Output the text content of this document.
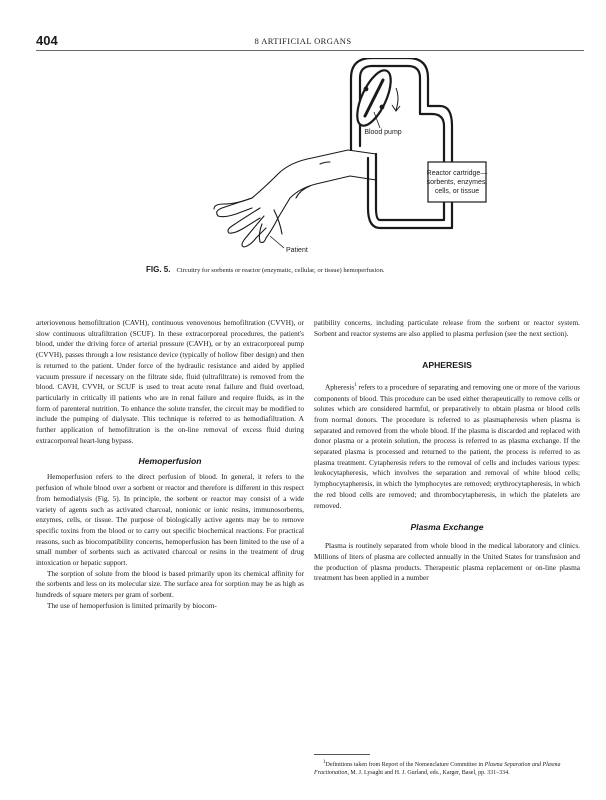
404	8 ARTIFICIAL ORGANS
Reactor cartridge—
sorbents, enzymes,
cells, or tissue
Blood pump
Patient
FIG. 5. Circuitry for sorbents or reactor (enzymatic, cellular, or tissue) hemoperfusion.

arteriovenous hemofiltration (CAVH), continuous venovenous hemofiltration (CVVH), or slow continuous ultrafiltration (SCUF). In these extracorporeal procedures, the patient's blood, under the driving force of arterial pressure (CAVH), or by an extracorporeal pump (CVVH), passes through a low resistance device (typically of hollow fiber design) and then is returned to the patient. Under force of the hydraulic resistance and aided by applied vacuum pressure if necessary on the filtrate side, fluid (ultrafiltrate) is removed from the blood. CAVH, CVVH, or SCUF is used to treat acute renal failure and fluid overload, particularly in critically ill patients who are in renal failure and require fluids, as in the form of parenteral nutrition. To enhance the solute transfer, the circuit may be modified to include the pumping of dialysate. This technique is referred to as hemodiafiltration. A further application of hemofiltration is the on-line removal of excess fluid during extracorporeal heart-lung bypass.

Hemoperfusion

Hemoperfusion refers to the direct perfusion of blood. In general, it refers to the perfusion of whole blood over a sorbent or reactor and therefore is different in this respect from hemodialysis (Fig. 5). In principle, the sorbent or reactor may consist of a wide variety of agents such as activated charcoal, nonionic or ionic resins, immunosorbents, enzymes, cells, or tissue. The purpose of biologically active agents may be to remove specific toxins from the blood or to carry out specific biochemical reactions. For practical reasons, such as biocompatibility concerns, hemoperfusion has been limited to the use of a small number of sorbents such as activated charcoal or resins in the treatment of drug intoxication or hepatic support.

The sorption of solute from the blood is based primarily upon its chemical affinity for the sorbents and less on its molecular size. The surface area for sorption may be as high as hundreds of square meters per gram of sorbent.

The use of hemoperfusion is limited primarily by biocom-

patibility concerns, including particulate release from the sorbent or reactor system. Sorbent and reactor systems are also applied to plasma perfusion (see the next section).

APHERESIS

Apheresis$^1$ refers to a procedure of separating and removing one or more of the various components of blood. This procedure can be used either therapeutically to remove cells or solutes which are considered harmful, or preparatively to obtain plasma or blood cells from normal donors. The procedure is referred to as plasmapheresis when plasma is separated and removed from the whole blood. If the plasma is discarded and replaced with donor plasma or a protein solution, the process is referred to as plasma exchange. If the separated plasma is processed and returned to the patient, the process is referred to as plasma treatment. Cytapheresis refers to the removal of cells and includes various types: leukocytapheresis, which involves the separation and removal of white blood cells; lymphocytapheresis, in which the lymphocytes are removed; erythrocytapheresis, in which the red blood cells are removed; and thrombocytapheresis, in which the platelets are removed.

Plasma Exchange

Plasma is routinely separated from whole blood in the medical laboratory and clinics. Millions of liters of plasma are collected annually in the United States for transfusion and the production of plasma products. Therapeutic plasma replacement or on-line plasma treatment has been applied in a number

$^1$Definitions taken from Report of the Nomenclature Committee in Plasma Separation and Plasma Fractionation, M. J. Lysaght and H. J. Gurland, eds., Karger, Basel, pp. 331–334.
